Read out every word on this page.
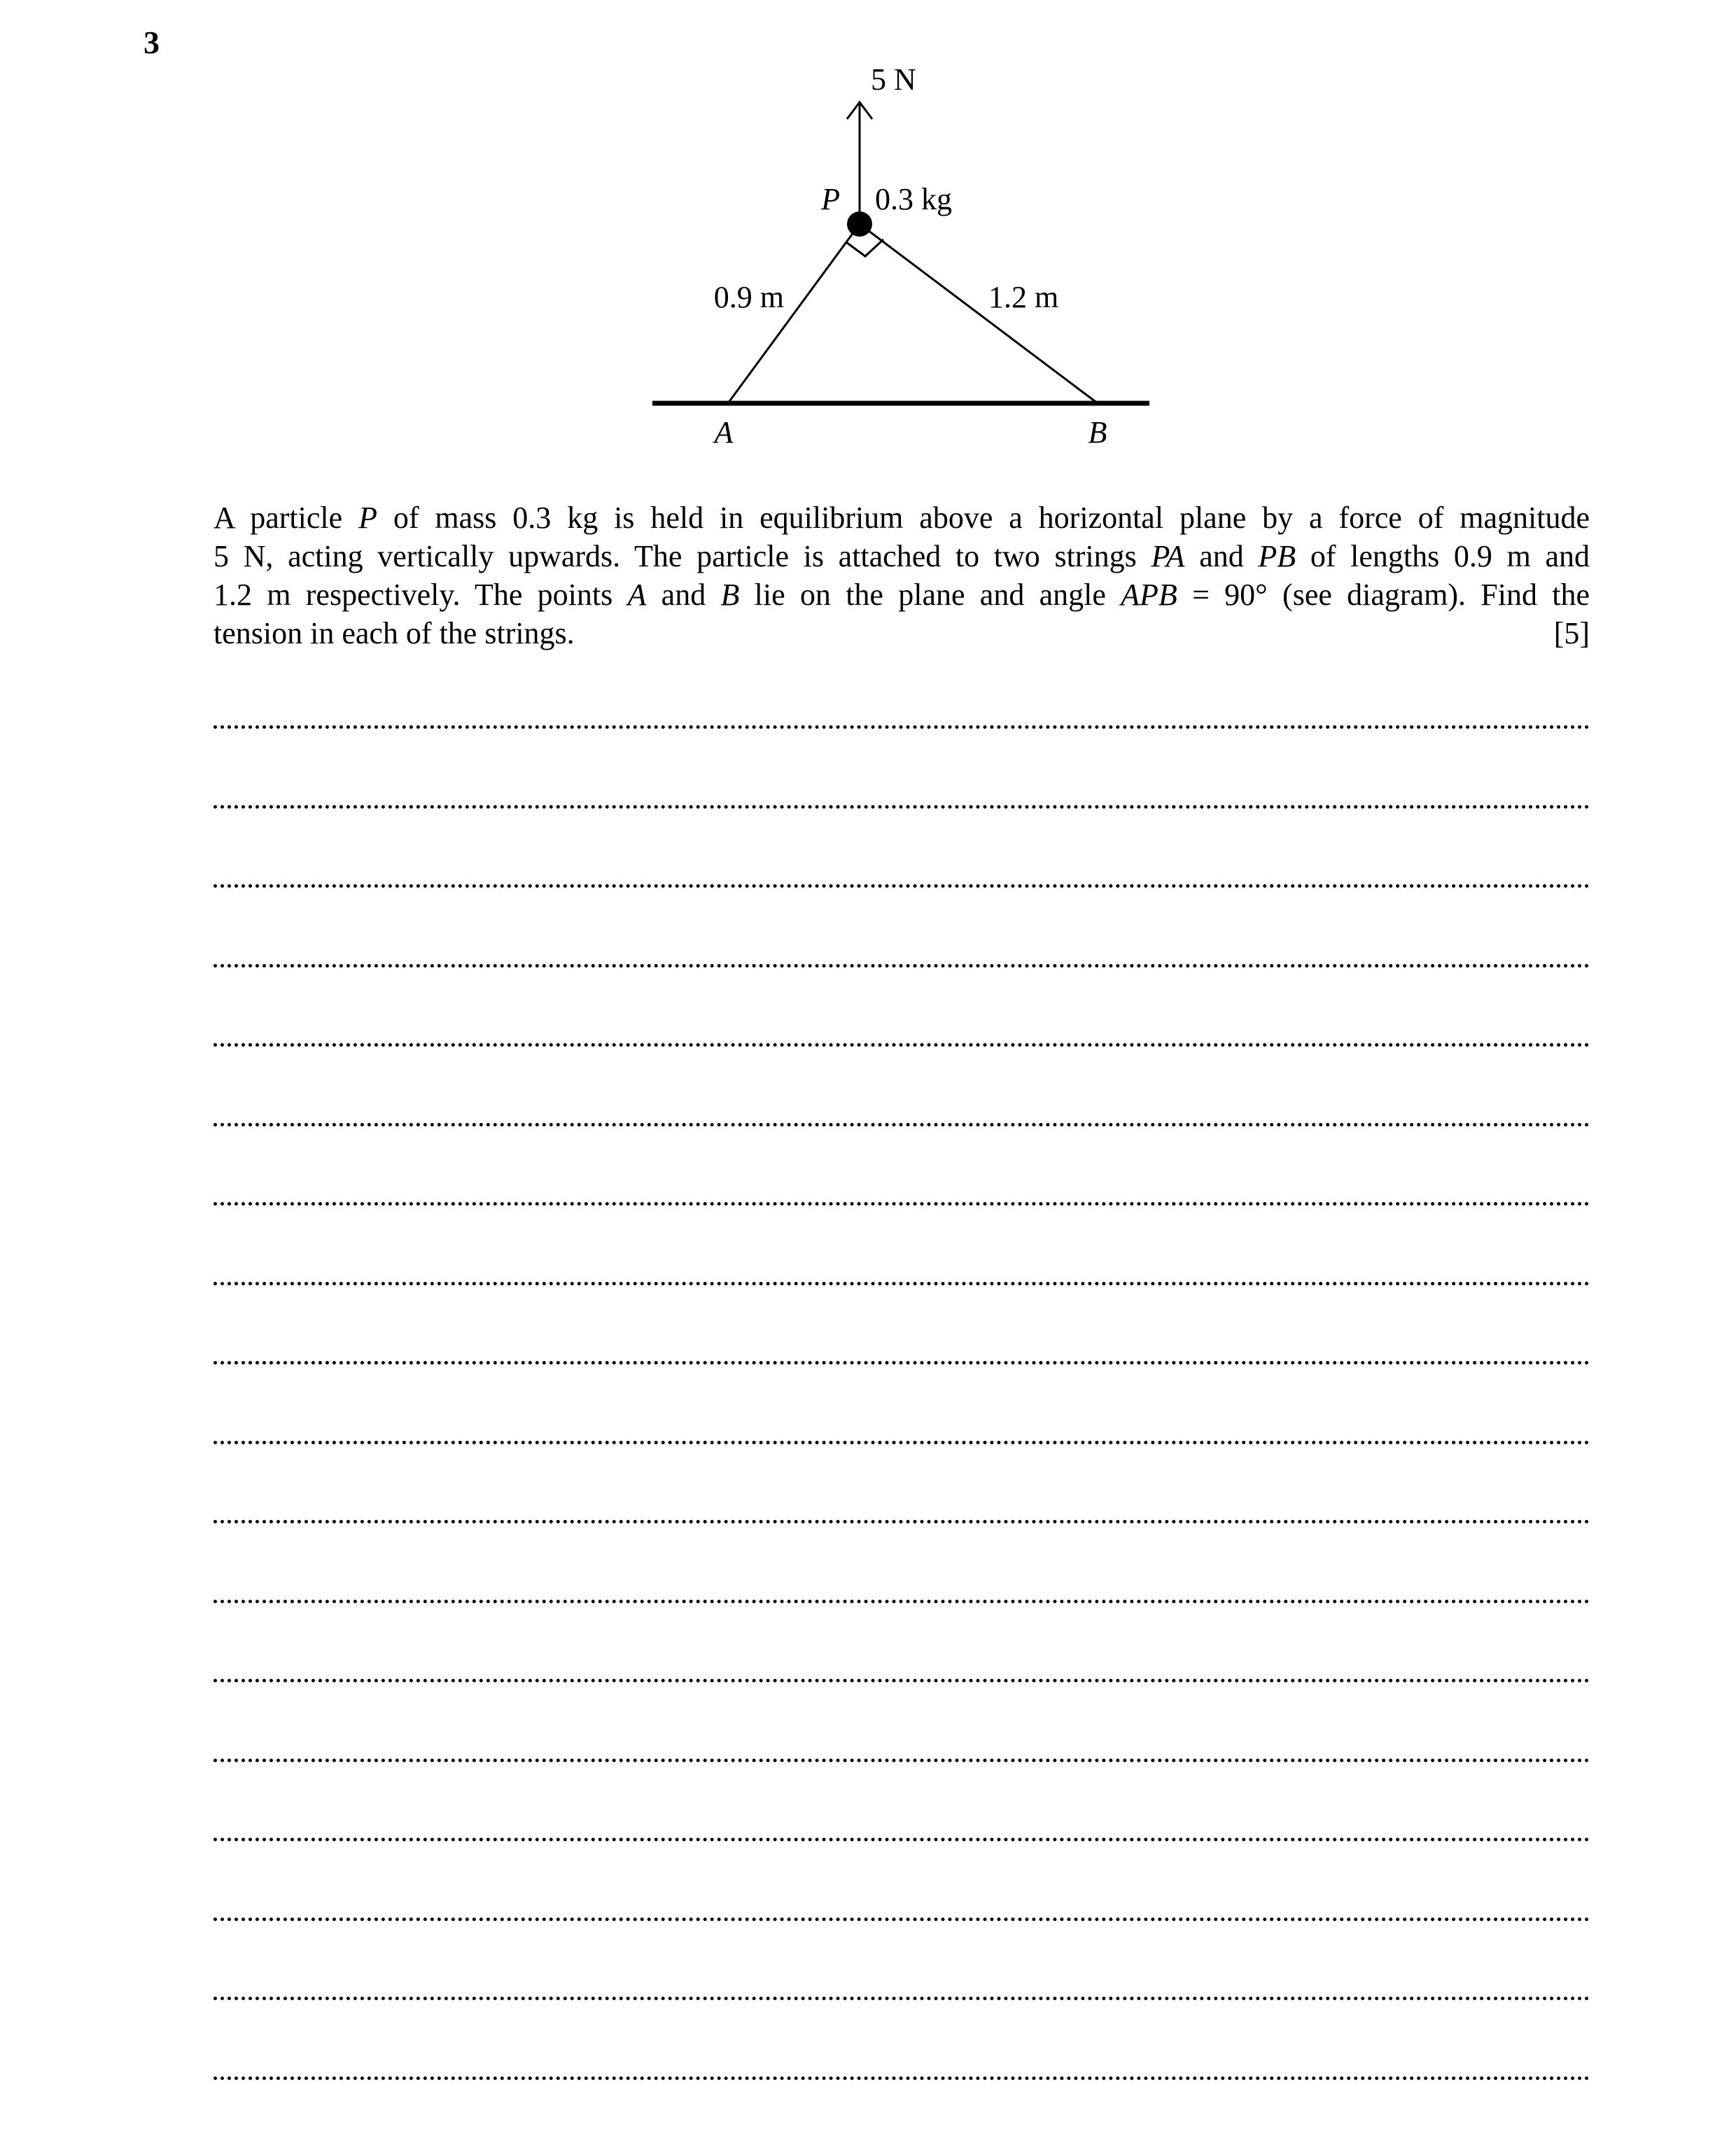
3
5 N
P 0.3 kg
0.9 m	1.2 m
A	B
A particle P of mass 0.3 kg is held in equilibrium above a horizontal plane by a force of magnitude
5 N, acting vertically upwards. The particle is attached to two strings PA and PB of lengths 0.9 m and
1.2 m respectively. The points A and B lie on the plane and angle APB = 90° (see diagram). Find the
tension in each of the strings.	[5]
